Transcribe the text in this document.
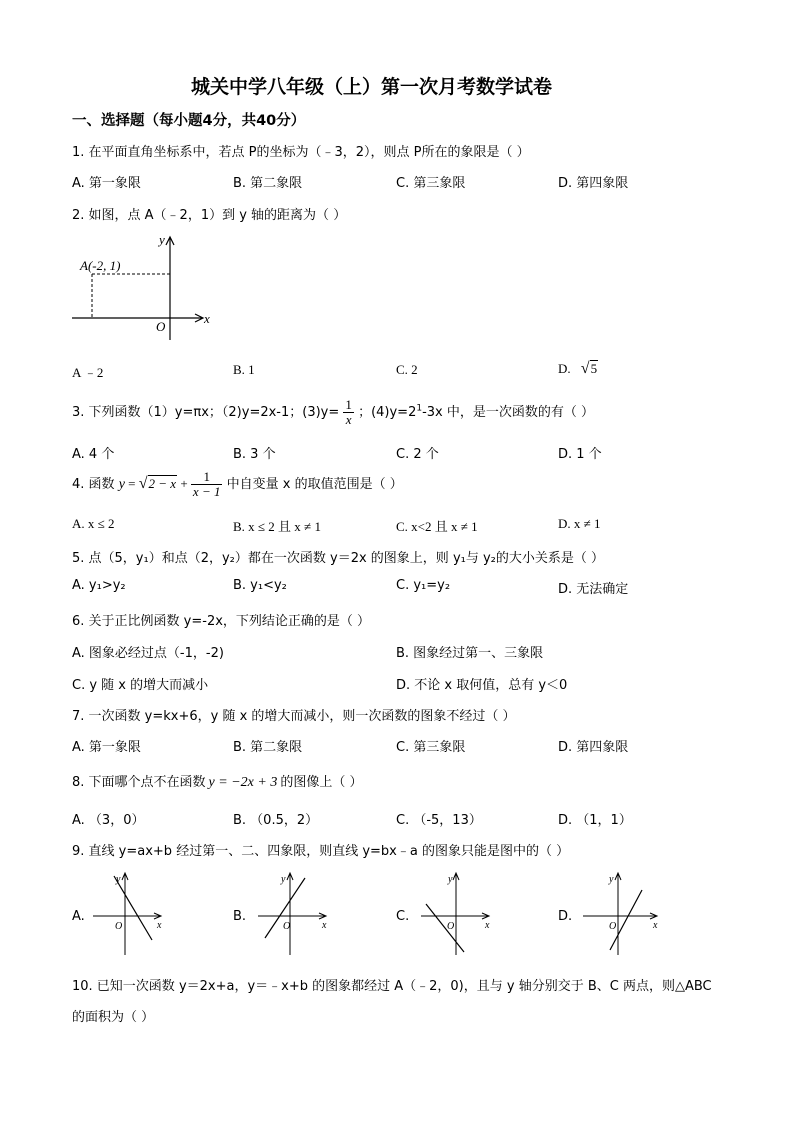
城关中学八年级（上）第一次月考数学试卷
一、选择题（每小题4分，共40分）
1. 在平面直角坐标系中，若点 P的坐标为（﹣3，2），则点 P所在的象限是（ ）
A. 第一象限	B. 第二象限	C. 第三象限	D. 第四象限
2. 如图，点 A（﹣2，1）到 y 轴的距离为（ ）
A(-2, 1)
y
x
O
A ﹣2	B. 1	C. 2	D. √5
3. 下列函数（1）y=πx；（2)y=2x-1；$(3)y= \frac{1}{x}$ ；$(4)y=2^1-3x$ 中，是一次函数的有（ ）
A. 4 个	B. 3 个	C. 2 个	D. 1 个
4. 函数 $y = √2 - x + \frac{1}{x - 1}$ 中自变量 x 的取值范围是（ ）
A. x ≤ 2	B. x ≤ 2 且 x ≠ 1	C. x<2 且 x ≠ 1	D. x ≠ 1
5. 点（5，y₁）和点（2，y₂）都在一次函数 y＝2x 的图象上，则 y₁与 y₂的大小关系是（ ）
A. y₁>y₂	B. y₁<y₂	C. y₁=y₂	D. 无法确定
6. 关于正比例函数 y=-2x，下列结论正确的是（ ）
A. 图象必经过点（-1，-2)	B. 图象经过第一、三象限
C. y 随 x 的增大而减小	D. 不论 x 取何值，总有 y＜0
7. 一次函数 y=kx+6，y 随 x 的增大而减小，则一次函数的图象不经过（ ）
A. 第一象限	B. 第二象限	C. 第三象限	D. 第四象限
8. 下面哪个点不在函数 y = −2x + 3 的图像上（ ）
A. （3，0）	B. （0.5，2）	C. （-5，13）	D. （1，1）
9. 直线 y=ax+b 经过第一、二、四象限，则直线 y=bx﹣a 的图象只能是图中的（ ）
A.
y
x
O
B.
y
x
O
C.
y
x
O
D.
y
x
O
10. 已知一次函数 y＝2x+a，y＝﹣x+b 的图象都经过 A（﹣2，0)，且与 y 轴分别交于 B、C 两点，则△ABC
的面积为（ ）
